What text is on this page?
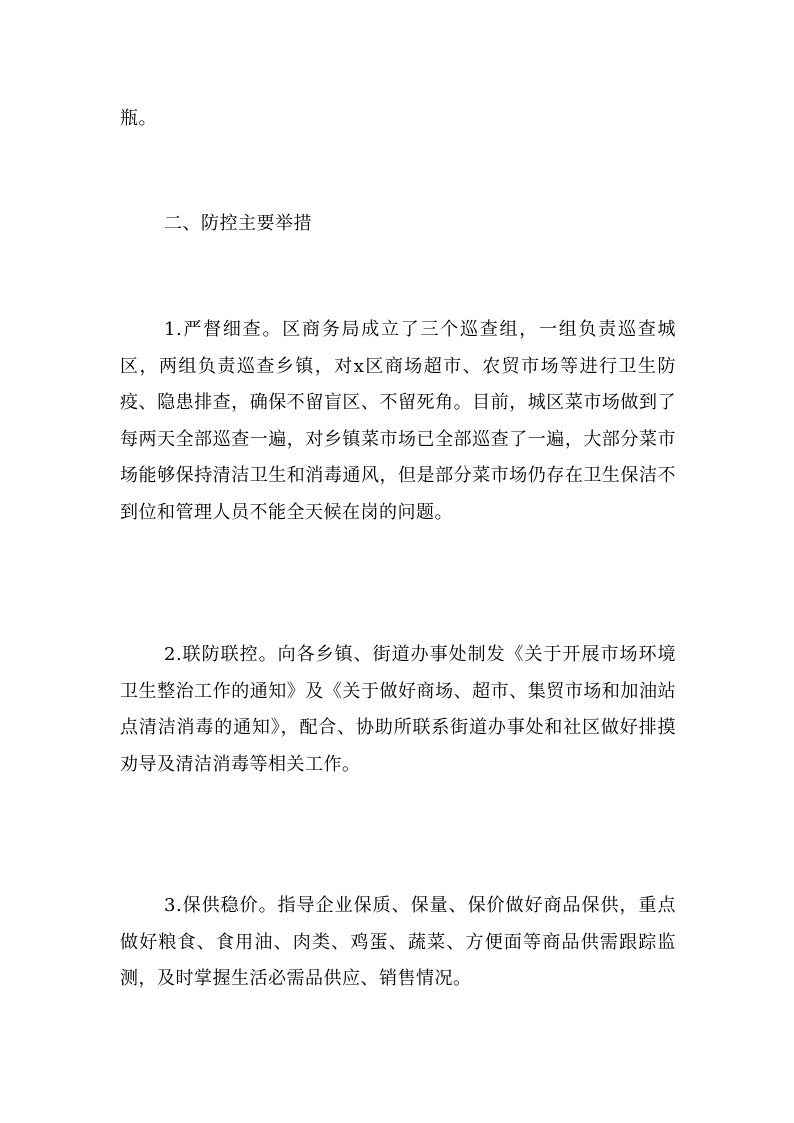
瓶。

二、防控主要举措

1.严督细查。区商务局成立了三个巡查组，一组负责巡查城区，两组负责巡查乡镇，对x区商场超市、农贸市场等进行卫生防疫、隐患排查，确保不留盲区、不留死角。目前，城区菜市场做到了每两天全部巡查一遍，对乡镇菜市场已全部巡查了一遍，大部分菜市场能够保持清洁卫生和消毒通风，但是部分菜市场仍存在卫生保洁不到位和管理人员不能全天候在岗的问题。

2.联防联控。向各乡镇、街道办事处制发《关于开展市场环境卫生整治工作的通知》及《关于做好商场、超市、集贸市场和加油站点清洁消毒的通知》，配合、协助所联系街道办事处和社区做好排摸劝导及清洁消毒等相关工作。

3.保供稳价。指导企业保质、保量、保价做好商品保供，重点做好粮食、食用油、肉类、鸡蛋、蔬菜、方便面等商品供需跟踪监测，及时掌握生活必需品供应、销售情况。
